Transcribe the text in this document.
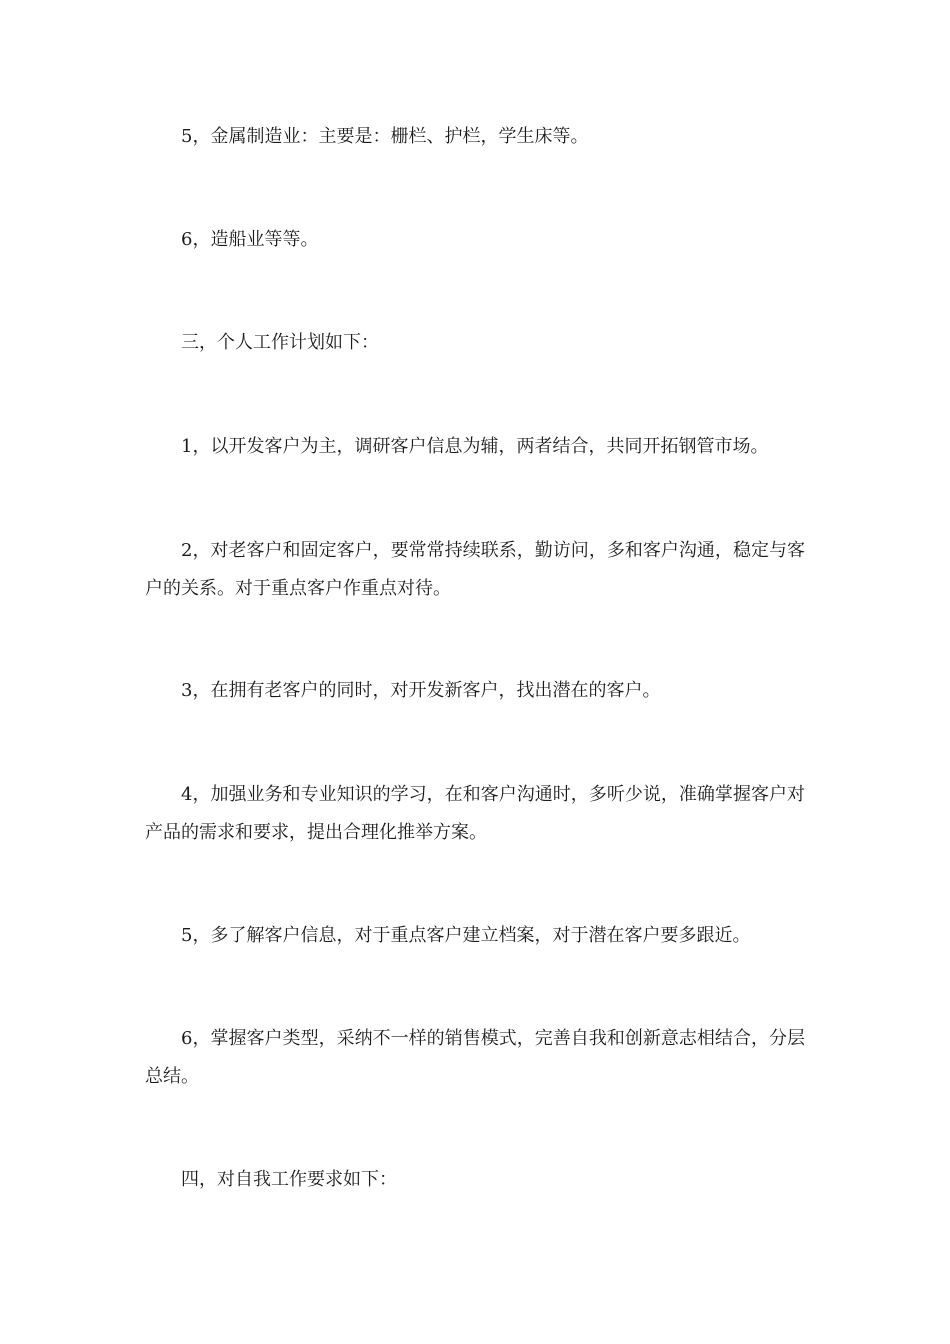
5，金属制造业：主要是：栅栏、护栏，学生床等。

6，造船业等等。

三，个人工作计划如下：

1，以开发客户为主，调研客户信息为辅，两者结合，共同开拓钢管市场。

2，对老客户和固定客户，要常常持续联系，勤访问，多和客户沟通，稳定与客户的关系。对于重点客户作重点对待。

3，在拥有老客户的同时，对开发新客户，找出潜在的客户。

4，加强业务和专业知识的学习，在和客户沟通时，多听少说，准确掌握客户对产品的需求和要求，提出合理化推举方案。

5，多了解客户信息，对于重点客户建立档案，对于潜在客户要多跟近。

6，掌握客户类型，采纳不一样的销售模式，完善自我和创新意志相结合，分层总结。

四，对自我工作要求如下：
